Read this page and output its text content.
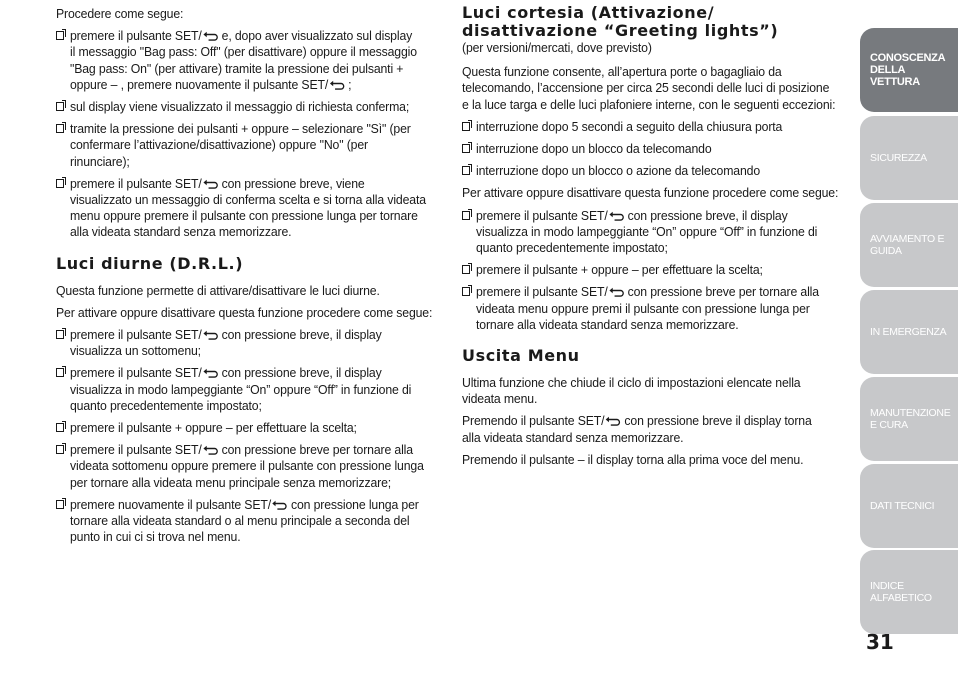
Procedere come segue:

premere il pulsante SET/
e, dopo aver visualizzato sul display
il messaggio "Bag pass: Off" (per disattivare) oppure il messaggio
"Bag pass: On" (per attivare) tramite la pressione dei pulsanti +
oppure – , premere nuovamente il pulsante SET/
;

sul display viene visualizzato il messaggio di richiesta conferma;

tramite la pressione dei pulsanti + oppure – selezionare "Sì" (per
confermare l’attivazione/disattivazione) oppure "No" (per
rinunciare);

premere il pulsante SET/
con pressione breve, viene
visualizzato un messaggio di conferma scelta e si torna alla videata
menu oppure premere il pulsante con pressione lunga per tornare
alla videata standard senza memorizzare.

Luci diurne (D.R.L.)

Questa funzione permette di attivare/disattivare le luci diurne.

Per attivare oppure disattivare questa funzione procedere come segue:

premere il pulsante SET/
con pressione breve, il display
visualizza un sottomenu;

premere il pulsante SET/
con pressione breve, il display
visualizza in modo lampeggiante “On” oppure “Off” in funzione di
quanto precedentemente impostato;

premere il pulsante + oppure – per effettuare la scelta;

premere il pulsante SET/
con pressione breve per tornare alla
videata sottomenu oppure premere il pulsante con pressione lunga
per tornare alla videata menu principale senza memorizzare;

premere nuovamente il pulsante SET/
con pressione lunga per
tornare alla videata standard o al menu principale a seconda del
punto in cui ci si trova nel menu.

Luci cortesia (Attivazione/
disattivazione “Greeting lights”)

(per versioni/mercati, dove previsto)

Questa funzione consente, all’apertura porte o bagagliaio da
telecomando, l’accensione per circa 25 secondi delle luci di posizione
e la luce targa e delle luci plafoniere interne, con le seguenti eccezioni:

interruzione dopo 5 secondi a seguito della chiusura porta

interruzione dopo un blocco da telecomando

interruzione dopo un blocco o azione da telecomando

Per attivare oppure disattivare questa funzione procedere come segue:

premere il pulsante SET/
con pressione breve, il display
visualizza in modo lampeggiante “On” oppure “Off” in funzione di
quanto precedentemente impostato;

premere il pulsante + oppure – per effettuare la scelta;

premere il pulsante SET/
con pressione breve per tornare alla
videata menu oppure premi il pulsante con pressione lunga per
tornare alla videata standard senza memorizzare.

Uscita Menu

Ultima funzione che chiude il ciclo di impostazioni elencate nella
videata menu.

Premendo il pulsante SET/
con pressione breve il display torna
alla videata standard senza memorizzare.

Premendo il pulsante – il display torna alla prima voce del menu.

CONOSCENZA DELLA VETTURA
SICUREZZA
AVVIAMENTO E GUIDA
IN EMERGENZA
MANUTENZIONE E CURA
DATI TECNICI
INDICE ALFABETICO
31
